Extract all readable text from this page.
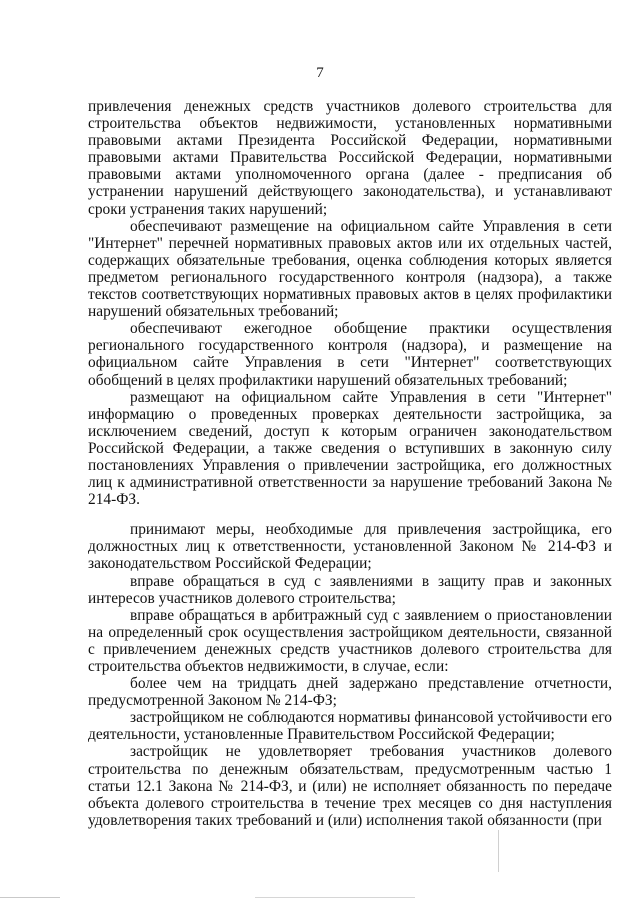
7

привлечения денежных средств участников долевого строительства для строительства объектов недвижимости, установленных нормативными правовыми актами Президента Российской Федерации, нормативными правовыми актами Правительства Российской Федерации, нормативными правовыми актами уполномоченного органа (далее - предписания об устранении нарушений действующего законодательства), и устанавливают сроки устранения таких нарушений;

обеспечивают размещение на официальном сайте Управления в сети "Интернет" перечней нормативных правовых актов или их отдельных частей, содержащих обязательные требования, оценка соблюдения которых является предметом регионального государственного контроля (надзора), а также текстов соответствующих нормативных правовых актов в целях профилактики нарушений обязательных требований;

обеспечивают ежегодное обобщение практики осуществления регионального государственного контроля (надзора), и размещение на официальном сайте Управления в сети "Интернет" соответствующих обобщений в целях профилактики нарушений обязательных требований;

размещают на официальном сайте Управления в сети "Интернет" информацию о проведенных проверках деятельности застройщика, за исключением сведений, доступ к которым ограничен законодательством Российской Федерации, а также сведения о вступивших в законную силу постановлениях Управления о привлечении застройщика, его должностных лиц к административной ответственности за нарушение требований Закона № 214-ФЗ.

принимают меры, необходимые для привлечения застройщика, его должностных лиц к ответственности, установленной Законом № 214-ФЗ и законодательством Российской Федерации;

вправе обращаться в суд с заявлениями в защиту прав и законных интересов участников долевого строительства;

вправе обращаться в арбитражный суд с заявлением о приостановлении на определенный срок осуществления застройщиком деятельности, связанной с привлечением денежных средств участников долевого строительства для строительства объектов недвижимости, в случае, если:

более чем на тридцать дней задержано представление отчетности, предусмотренной Законом № 214-ФЗ;

застройщиком не соблюдаются нормативы финансовой устойчивости его деятельности, установленные Правительством Российской Федерации;

застройщик не удовлетворяет требования участников долевого строительства по денежным обязательствам, предусмотренным частью 1 статьи 12.1 Закона № 214-ФЗ, и (или) не исполняет обязанность по передаче объекта долевого строительства в течение трех месяцев со дня наступления удовлетворения таких требований и (или) исполнения такой обязанности (при
